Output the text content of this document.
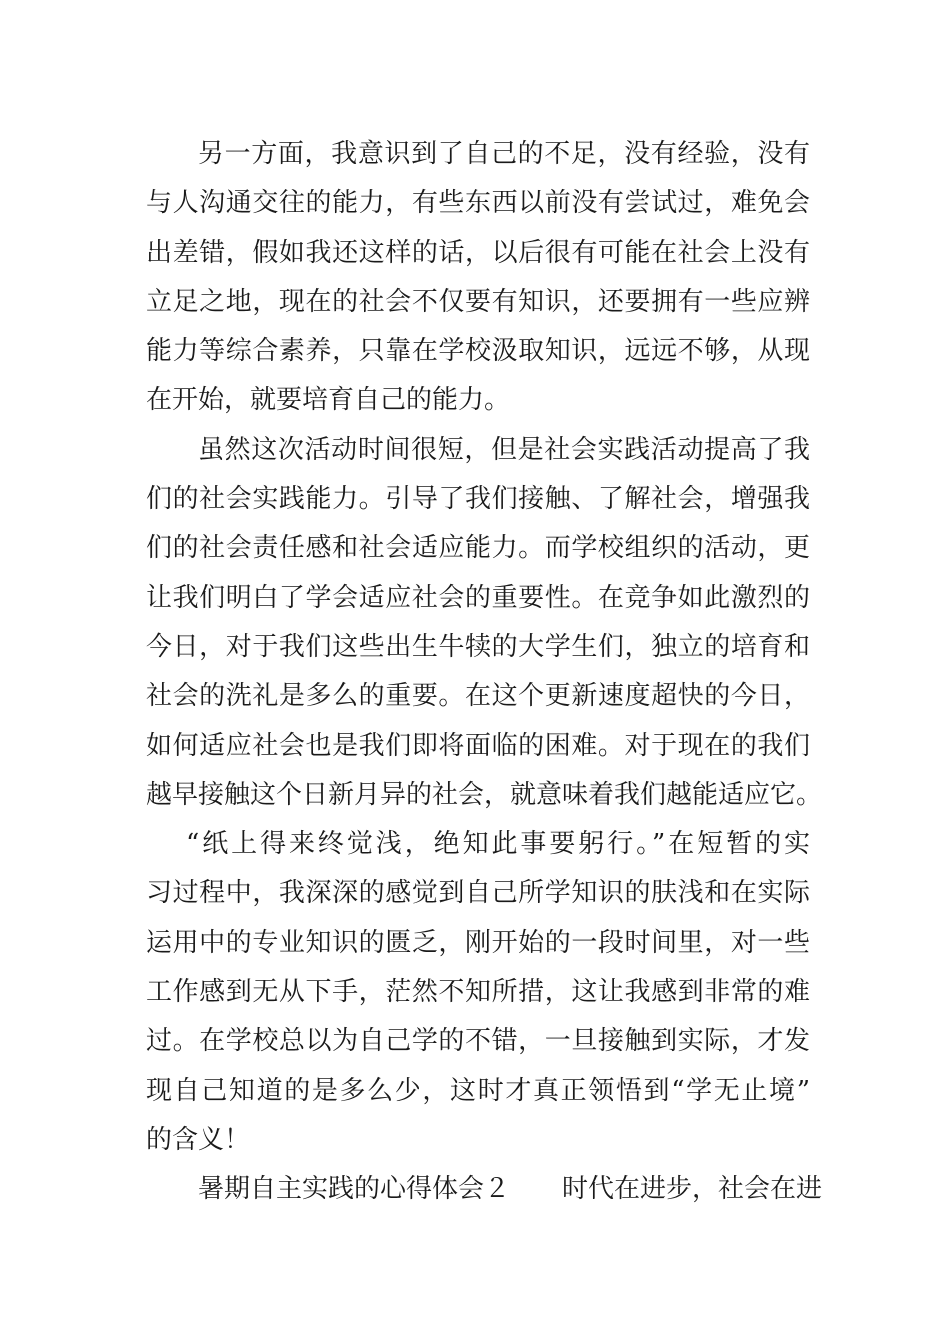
另一方面，我意识到了自己的不足，没有经验，没有
与人沟通交往的能力，有些东西以前没有尝试过，难免会
出差错，假如我还这样的话，以后很有可能在社会上没有
立足之地，现在的社会不仅要有知识，还要拥有一些应辨
能力等综合素养，只靠在学校汲取知识，远远不够，从现
在开始，就要培育自己的能力。
虽然这次活动时间很短，但是社会实践活动提高了我
们的社会实践能力。引导了我们接触、了解社会，增强我
们的社会责任感和社会适应能力。而学校组织的活动，更
让我们明白了学会适应社会的重要性。在竞争如此激烈的
今日，对于我们这些出生牛犊的大学生们，独立的培育和
社会的洗礼是多么的重要。在这个更新速度超快的今日，
如何适应社会也是我们即将面临的困难。对于现在的我们
越早接触这个日新月异的社会，就意味着我们越能适应它。
“纸上得来终觉浅，绝知此事要躬行。”在短暂的实
习过程中，我深深的感觉到自己所学知识的肤浅和在实际
运用中的专业知识的匮乏，刚开始的一段时间里，对一些
工作感到无从下手，茫然不知所措，这让我感到非常的难
过。在学校总以为自己学的不错，一旦接触到实际，才发
现自己知道的是多么少，这时才真正领悟到“学无止境”
的含义！
暑期自主实践的心得体会２　　时代在进步，社会在进
